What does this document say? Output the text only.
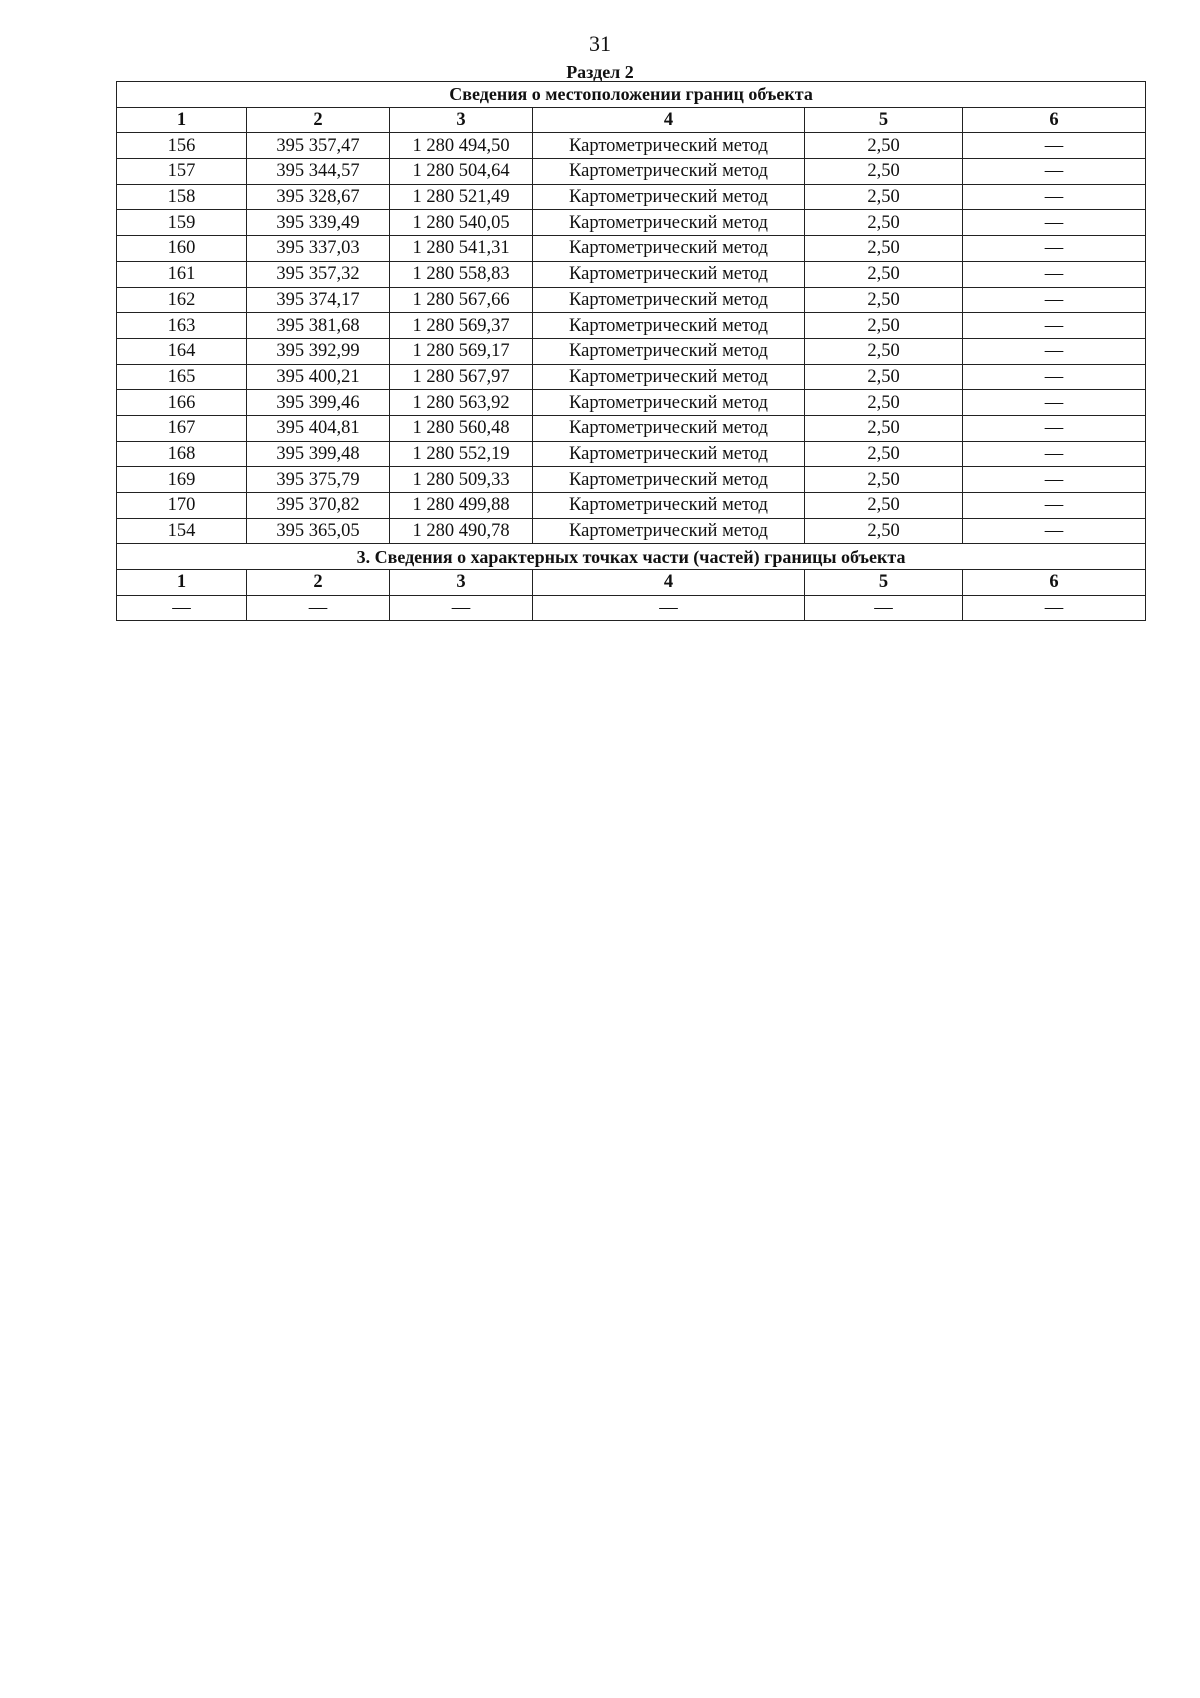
31
Раздел 2
Сведения о местоположении границ объекта					
1	2	3	4	5	6
156	395 357,47	1 280 494,50	Картометрический метод	2,50	—
157	395 344,57	1 280 504,64	Картометрический метод	2,50	—
158	395 328,67	1 280 521,49	Картометрический метод	2,50	—
159	395 339,49	1 280 540,05	Картометрический метод	2,50	—
160	395 337,03	1 280 541,31	Картометрический метод	2,50	—
161	395 357,32	1 280 558,83	Картометрический метод	2,50	—
162	395 374,17	1 280 567,66	Картометрический метод	2,50	—
163	395 381,68	1 280 569,37	Картометрический метод	2,50	—
164	395 392,99	1 280 569,17	Картометрический метод	2,50	—
165	395 400,21	1 280 567,97	Картометрический метод	2,50	—
166	395 399,46	1 280 563,92	Картометрический метод	2,50	—
167	395 404,81	1 280 560,48	Картометрический метод	2,50	—
168	395 399,48	1 280 552,19	Картометрический метод	2,50	—
169	395 375,79	1 280 509,33	Картометрический метод	2,50	—
170	395 370,82	1 280 499,88	Картометрический метод	2,50	—
154	395 365,05	1 280 490,78	Картометрический метод	2,50	—
3. Сведения о характерных точках части (частей) границы объекта					
1	2	3	4	5	6
—	—	—	—	—	—
